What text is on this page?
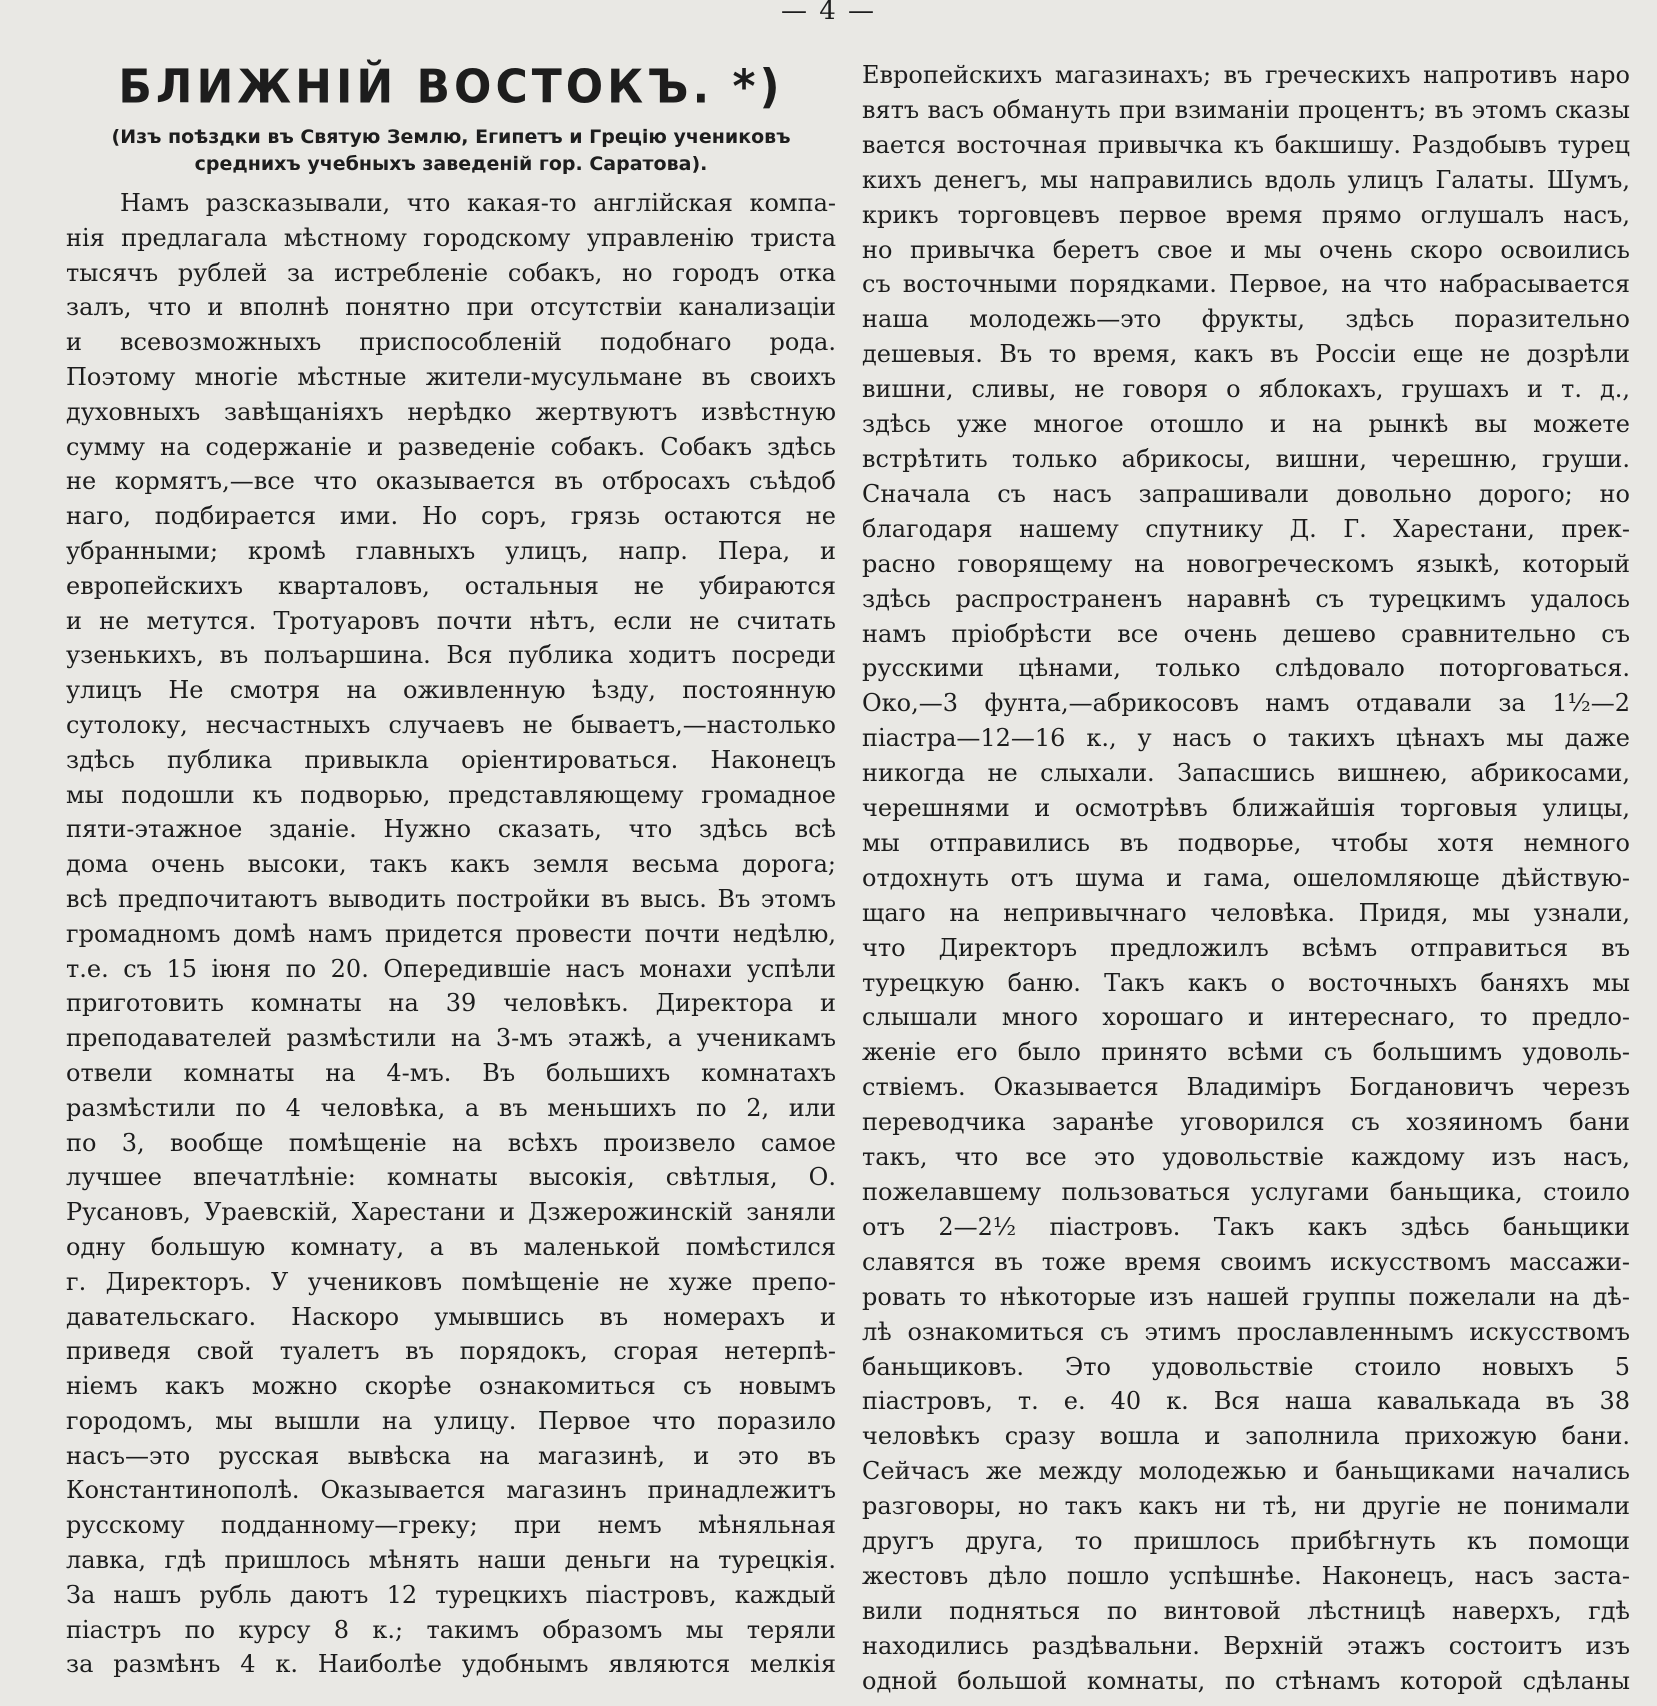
— 4 —
БЛИЖНІЙ ВОСТОКЪ. *)
(Изъ поѣздки въ Святую Землю, Египетъ и Грецію учениковъ
среднихъ учебныхъ заведеній гор. Саратова).
Намъ разсказывали, что какая-то англійская компа-
нія предлагала мѣстному городскому управленію триста
тысячъ рублей за истребленіе собакъ, но городъ отка
залъ, что и вполнѣ понятно при отсутствіи канализаціи
и всевозможныхъ приспособленій подобнаго рода.
Поэтому многіе мѣстные жители-мусульмане въ своихъ
духовныхъ завѣщаніяхъ нерѣдко жертвуютъ извѣстную
сумму на содержаніе и разведеніе собакъ. Собакъ здѣсь
не кормятъ,—все что оказывается въ отбросахъ съѣдоб
наго, подбирается ими. Но соръ, грязь остаются не
убранными; кромѣ главныхъ улицъ, напр. Пера, и
европейскихъ кварталовъ, остальныя не убираются
и не метутся. Тротуаровъ почти нѣтъ, если не считать
узенькихъ, въ полъаршина. Вся публика ходитъ посреди
улицъ Не смотря на оживленную ѣзду, постоянную
сутолоку, несчастныхъ случаевъ не бываетъ,—настолько
здѣсь публика привыкла оріентироваться. Наконецъ
мы подошли къ подворью, представляющему громадное
пяти-этажное зданіе. Нужно сказать, что здѣсь всѣ
дома очень высоки, такъ какъ земля весьма дорога;
всѣ предпочитаютъ выводить постройки въ высь. Въ этомъ
громадномъ домѣ намъ придется провести почти недѣлю,
т.е. съ 15 іюня по 20. Опередившіе насъ монахи успѣли
приготовить комнаты на 39 человѣкъ. Директора и
преподавателей размѣстили на 3-мъ этажѣ, а ученикамъ
отвели комнаты на 4-мъ. Въ большихъ комнатахъ
размѣстили по 4 человѣка, а въ меньшихъ по 2, или
по 3, вообще помѣщеніе на всѣхъ произвело самое
лучшее впечатлѣніе: комнаты высокія, свѣтлыя, О.
Русановъ, Ураевскій, Харестани и Дзжерожинскій заняли
одну большую комнату, а въ маленькой помѣстился
г. Директоръ. У учениковъ помѣщеніе не хуже препо-
давательскаго. Наскоро умывшись въ номерахъ и
приведя свой туалетъ въ порядокъ, сгорая нетерпѣ-
ніемъ какъ можно скорѣе ознакомиться съ новымъ
городомъ, мы вышли на улицу. Первое что поразило
насъ—это русская вывѣска на магазинѣ, и это въ
Константинополѣ. Оказывается магазинъ принадлежитъ
русскому подданному—греку; при немъ мѣняльная
лавка, гдѣ пришлось мѣнять наши деньги на турецкія.
За нашъ рубль даютъ 12 турецкихъ піастровъ, каждый
піастръ по курсу 8 к.; такимъ образомъ мы теряли
за размѣнъ 4 к. Наиболѣе удобнымъ являются мелкія
Европейскихъ магазинахъ; въ греческихъ напротивъ наро
вятъ васъ обмануть при взиманіи процентъ; въ этомъ сказы
вается восточная привычка къ бакшишу. Раздобывъ турец
кихъ денегъ, мы направились вдоль улицъ Галаты. Шумъ,
крикъ торговцевъ первое время прямо оглушалъ насъ,
но привычка беретъ свое и мы очень скоро освоились
съ восточными порядками. Первое, на что набрасывается
наша молодежь—это фрукты, здѣсь поразительно
дешевыя. Въ то время, какъ въ Россіи еще не дозрѣли
вишни, сливы, не говоря о яблокахъ, грушахъ и т. д.,
здѣсь уже многое отошло и на рынкѣ вы можете
встрѣтить только абрикосы, вишни, черешню, груши.
Сначала съ насъ запрашивали довольно дорого; но
благодаря нашему спутнику Д. Г. Харестани, прек-
расно говорящему на новогреческомъ языкѣ, который
здѣсь распространенъ наравнѣ съ турецкимъ удалось
намъ пріобрѣсти все очень дешево сравнительно съ
русскими цѣнами, только слѣдовало поторговаться.
Око,—3 фунта,—абрикосовъ намъ отдавали за 1½—2
піастра—12—16 к., у насъ о такихъ цѣнахъ мы даже
никогда не слыхали. Запасшись вишнею, абрикосами,
черешнями и осмотрѣвъ ближайшія торговыя улицы,
мы отправились въ подворье, чтобы хотя немного
отдохнуть отъ шума и гама, ошеломляюще дѣйствую-
щаго на непривычнаго человѣка. Придя, мы узнали,
что Директоръ предложилъ всѣмъ отправиться въ
турецкую баню. Такъ какъ о восточныхъ баняхъ мы
слышали много хорошаго и интереснаго, то предло-
женіе его было принято всѣми съ большимъ удоволь-
ствіемъ. Оказывается Владиміръ Богдановичъ черезъ
переводчика заранѣе уговорился съ хозяиномъ бани
такъ, что все это удовольствіе каждому изъ насъ,
пожелавшему пользоваться услугами баньщика, стоило
отъ 2—2½ піастровъ. Такъ какъ здѣсь баньщики
славятся въ тоже время своимъ искусствомъ массажи-
ровать то нѣкоторые изъ нашей группы пожелали на дѣ-
лѣ ознакомиться съ этимъ прославленнымъ искусствомъ
баньщиковъ. Это удовольствіе стоило новыхъ 5
піастровъ, т. е. 40 к. Вся наша кавалькада въ 38
человѣкъ сразу вошла и заполнила прихожую бани.
Сейчасъ же между молодежью и баньщиками начались
разговоры, но такъ какъ ни тѣ, ни другіе не понимали
другъ друга, то пришлось прибѣгнуть къ помощи
жестовъ дѣло пошло успѣшнѣе. Наконецъ, насъ заста-
вили подняться по винтовой лѣстницѣ наверхъ, гдѣ
находились раздѣвальни. Верхній этажъ состоитъ изъ
одной большой комнаты, по стѣнамъ которой сдѣланы
